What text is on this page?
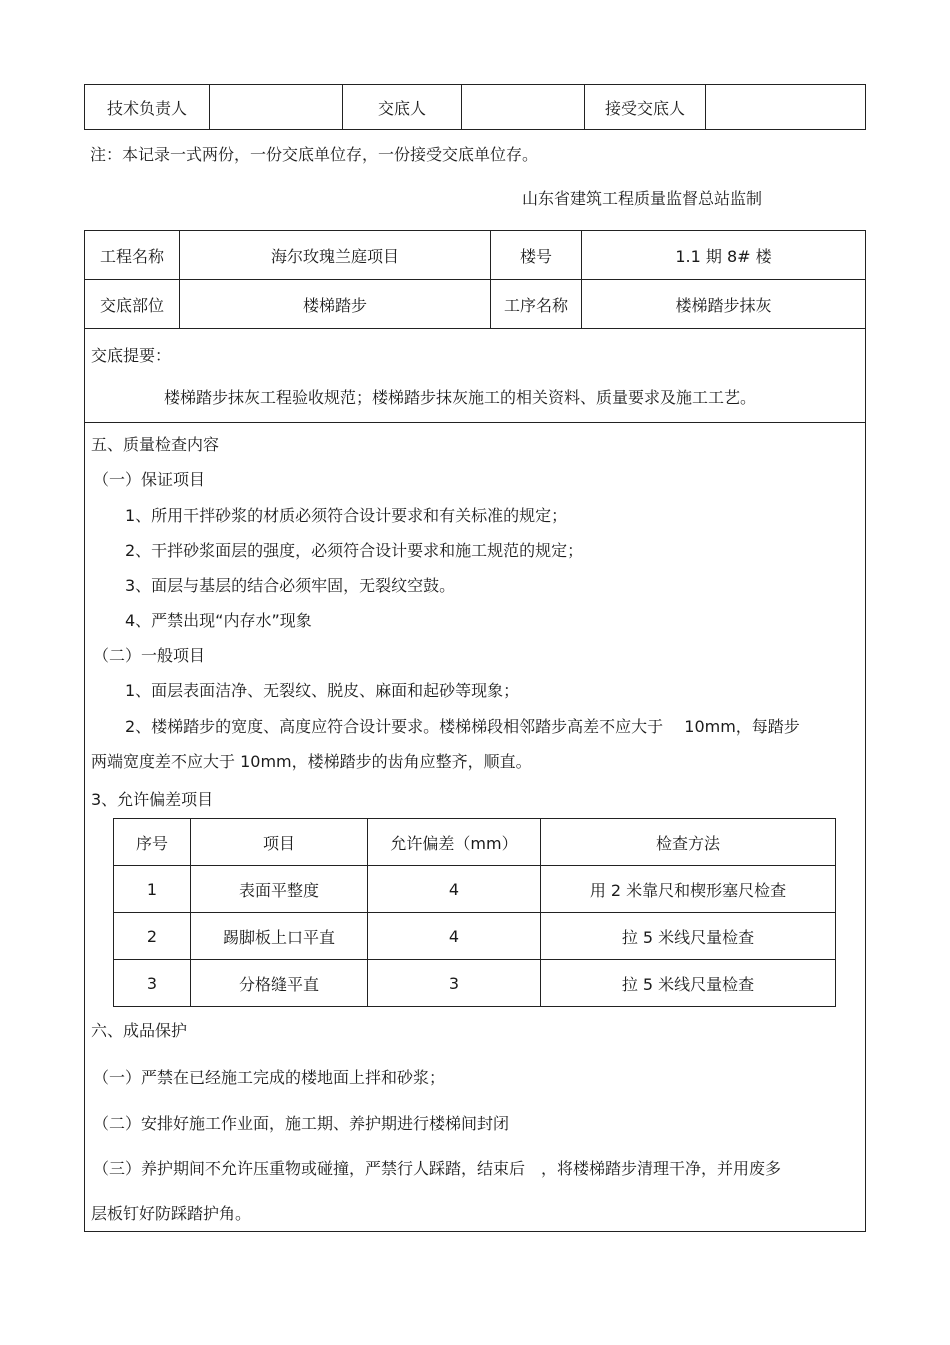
技术负责人		交底人		接受交底人	
注：本记录一式两份，一份交底单位存，一份接受交底单位存。
山东省建筑工程质量监督总站监制
工程名称	海尔玫瑰兰庭项目	楼号	1.1 期 8# 楼
交底部位	楼梯踏步	工序名称	楼梯踏步抹灰
交底提要：
楼梯踏步抹灰工程验收规范；楼梯踏步抹灰施工的相关资料、质量要求及施工工艺。
五、质量检查内容
（一）保证项目
1、所用干拌砂浆的材质必须符合设计要求和有关标准的规定；
2、干拌砂浆面层的强度，必须符合设计要求和施工规范的规定；
3、面层与基层的结合必须牢固，无裂纹空鼓。
4、严禁出现“内存水”现象
（二）一般项目
1、面层表面洁净、无裂纹、脱皮、麻面和起砂等现象；
2、楼梯踏步的宽度、高度应符合设计要求。楼梯梯段相邻踏步高差不应大于　 10mm，每踏步
两端宽度差不应大于 10mm，楼梯踏步的齿角应整齐，顺直。
3、允许偏差项目
序号	项目	允许偏差（mm）	检查方法
1	表面平整度	4	用 2 米靠尺和楔形塞尺检查
2	踢脚板上口平直	4	拉 5 米线尺量检查
3	分格缝平直	3	拉 5 米线尺量检查
六、成品保护
（一）严禁在已经施工完成的楼地面上拌和砂浆；
（二）安排好施工作业面，施工期、养护期进行楼梯间封闭
（三）养护期间不允许压重物或碰撞，严禁行人踩踏，结束后　，将楼梯踏步清理干净，并用废多
层板钉好防踩踏护角。
